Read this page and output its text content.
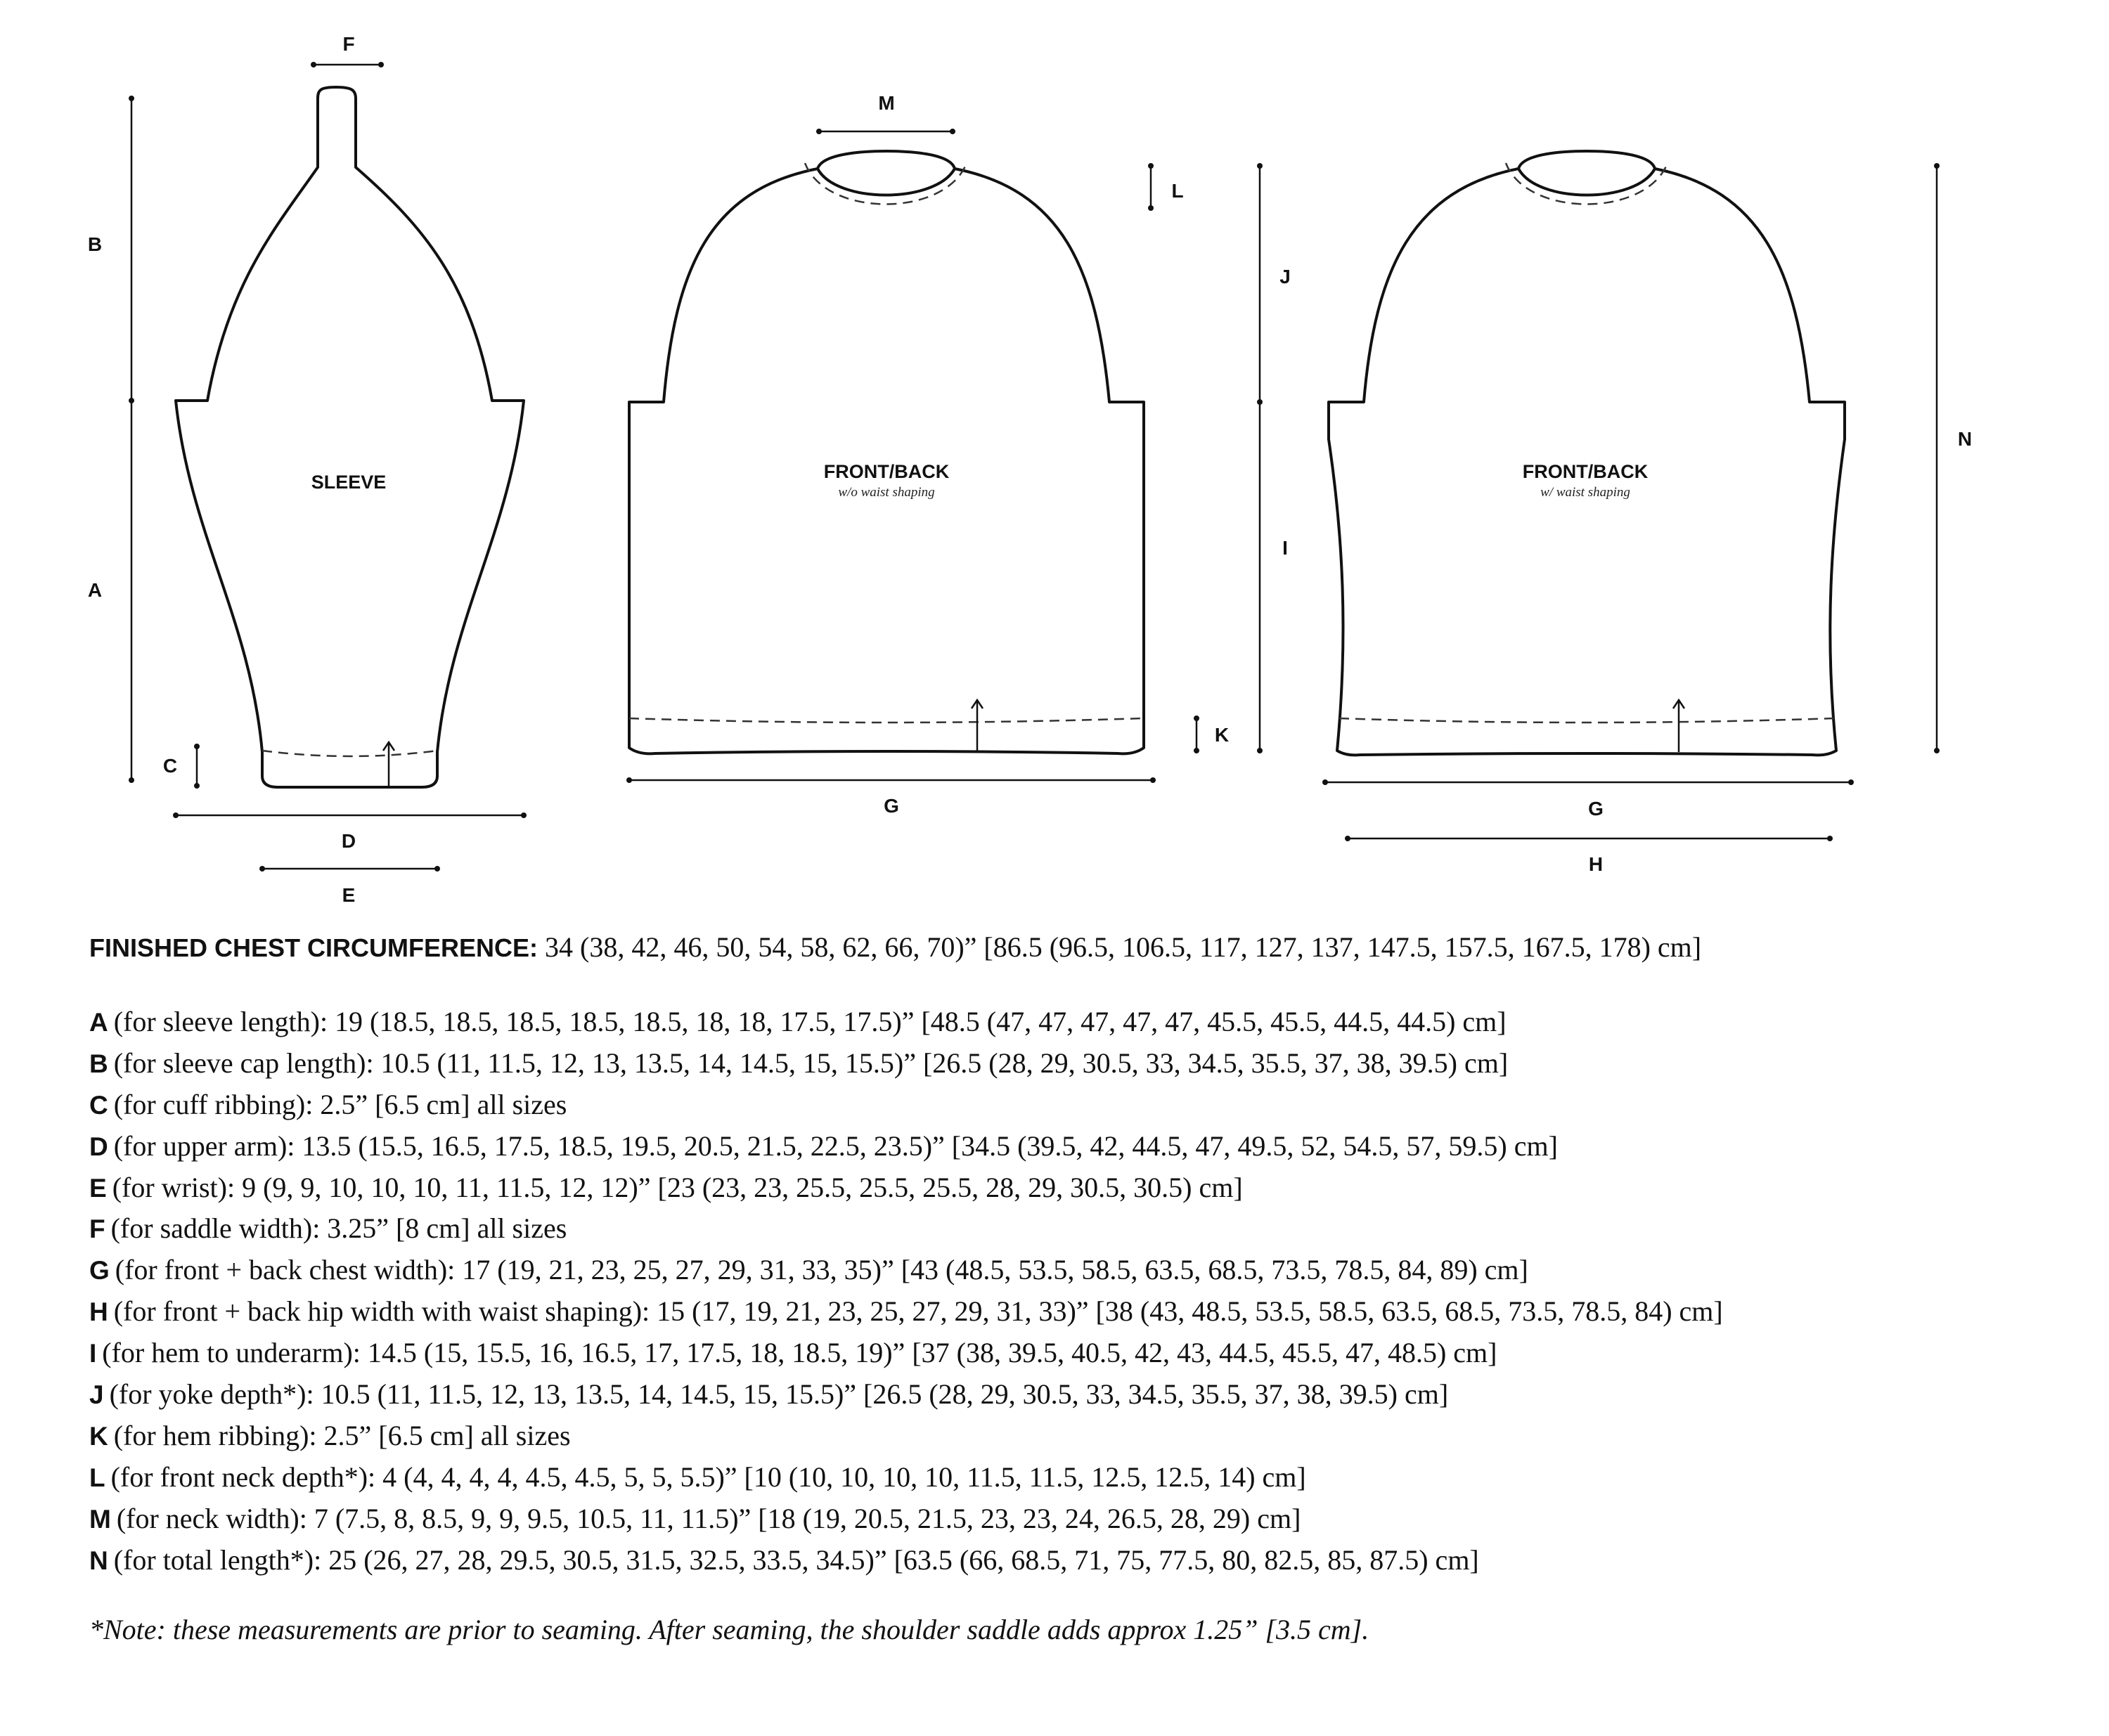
SLEEVE
F
B
A
C
D
E
FRONT/BACK
w/o waist shaping
M
L
K
G
J
I
FRONT/BACK
w/ waist shaping
N
G
H
FINISHED CHEST CIRCUMFERENCE: 34 (38, 42, 46, 50, 54, 58, 62, 66, 70)” [86.5 (96.5, 106.5, 117, 127, 137, 147.5, 157.5, 167.5, 178) cm]
A (for sleeve length): 19 (18.5, 18.5, 18.5, 18.5, 18.5, 18, 18, 17.5, 17.5)” [48.5 (47, 47, 47, 47, 47, 45.5, 45.5, 44.5, 44.5) cm]
B (for sleeve cap length): 10.5 (11, 11.5, 12, 13, 13.5, 14, 14.5, 15, 15.5)” [26.5 (28, 29, 30.5, 33, 34.5, 35.5, 37, 38, 39.5) cm]
C (for cuff ribbing): 2.5” [6.5 cm] all sizes
D (for upper arm): 13.5 (15.5, 16.5, 17.5, 18.5, 19.5, 20.5, 21.5, 22.5, 23.5)” [34.5 (39.5, 42, 44.5, 47, 49.5, 52, 54.5, 57, 59.5) cm]
E (for wrist): 9 (9, 9, 10, 10, 10, 11, 11.5, 12, 12)” [23 (23, 23, 25.5, 25.5, 25.5, 28, 29, 30.5, 30.5) cm]
F (for saddle width): 3.25” [8 cm] all sizes
G (for front + back chest width): 17 (19, 21, 23, 25, 27, 29, 31, 33, 35)” [43 (48.5, 53.5, 58.5, 63.5, 68.5, 73.5, 78.5, 84, 89) cm]
H (for front + back hip width with waist shaping): 15 (17, 19, 21, 23, 25, 27, 29, 31, 33)” [38 (43, 48.5, 53.5, 58.5, 63.5, 68.5, 73.5, 78.5, 84) cm]
I (for hem to underarm): 14.5 (15, 15.5, 16, 16.5, 17, 17.5, 18, 18.5, 19)” [37 (38, 39.5, 40.5, 42, 43, 44.5, 45.5, 47, 48.5) cm]
J (for yoke depth*): 10.5 (11, 11.5, 12, 13, 13.5, 14, 14.5, 15, 15.5)” [26.5 (28, 29, 30.5, 33, 34.5, 35.5, 37, 38, 39.5) cm]
K (for hem ribbing): 2.5” [6.5 cm] all sizes
L (for front neck depth*): 4 (4, 4, 4, 4, 4.5, 4.5, 5, 5, 5.5)” [10 (10, 10, 10, 10, 11.5, 11.5, 12.5, 12.5, 14) cm]
M (for neck width): 7 (7.5, 8, 8.5, 9, 9, 9.5, 10.5, 11, 11.5)” [18 (19, 20.5, 21.5, 23, 23, 24, 26.5, 28, 29) cm]
N (for total length*): 25 (26, 27, 28, 29.5, 30.5, 31.5, 32.5, 33.5, 34.5)” [63.5 (66, 68.5, 71, 75, 77.5, 80, 82.5, 85, 87.5) cm]
*Note: these measurements are prior to seaming. After seaming, the shoulder saddle adds approx 1.25” [3.5 cm].
